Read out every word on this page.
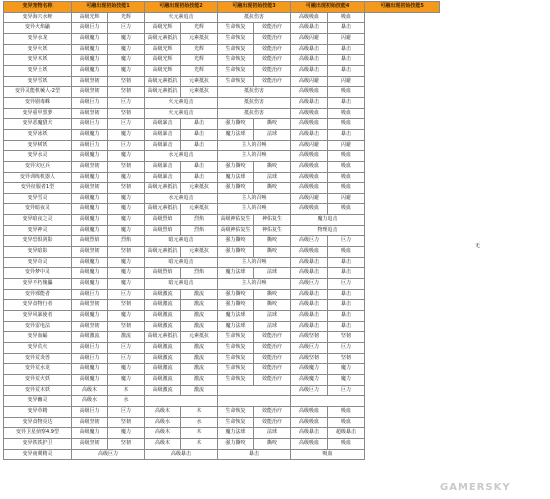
变异宠物名称	可融出现初始技能1		可融出现初始技能2		可融出现初始技能3		可融出现初始技能4		可融出现初始技能5
变异海穴水蛭	高级光辉	光辉	火元素追击		抵抗伤害		高级吸血	吸血	
变异火焰鼬	高级巨力	巨力	高级光辉	光辉	生命恢复	效能治疗	高级暴击	暴击	
变异水龙	高级魔力	魔力	高级元素抵抗	元素抵抗	生命恢复	效能治疗	高级闪避	闪避	
变异火妖	高级魔力	魔力	高级光辉	光辉	生命恢复	效能治疗	高级暴击	暴击	
变异木妖	高级魔力	魔力	高级光辉	光辉	生命恢复	效能治疗	高级暴击	暴击	
变异土妖	高级魔力	魔力	高级光辉	光辉	生命恢复	效能治疗	高级暴击	暴击	
变异雪妖	高级坚韧	坚韧	高级元素抵抗	元素抵抗	生命恢复	效能治疗	高级闪避	闪避	
变异灵能机械人-2型	高级坚韧	坚韧	高级元素抵抗	元素抵抗	抵抗伤害		高级吸血	吸血	
变异剧毒蛛	高级巨力	巨力	火元素追击		抵抗伤害		高级暴击	暴击	
变异重甲黑萝	高级坚韧	坚韧	火元素追击		抵抗伤害		高级吸血	吸血	
变异恶魔猎犬	高级巨力	巨力	高级暴击	暴击	强力撕咬	撕咬	高级吸血	吸血	
变异冰妖	高级魔力	魔力	高级暴击	暴击	魔力法球	法球	高级暴击	暴击	
变异树妖	高级巨力	巨力	高级暴击	暴击	主人的召唤		高级闪避	闪避	
变异水灵	高级魔力	魔力	水元素追击		主人的召唤		高级吸血	吸血	
变异灾厄兵	高级坚韧	坚韧	高级暴击	暴击	强力撕咬	撕咬	高级吸血	吸血	
变异训练机器人	高级魔力	魔力	高级暴击	暴击	魔力法球	法球	高级吸血	吸血	
变异征服者1型	高级坚韧	坚韧	高级元素抵抗	元素抵抗	强力撕咬	撕咬	高级吸血	吸血	
变异雪灵	高级魔力	魔力	水元素追击		主人的召唤		高级闪避	闪避	
变异暗夜灵	高级魔力	魔力	高级元素抵抗	元素抵抗	主人的召唤		高级吸血	吸血	
变异暗夜之灵	高级魔力	魔力	高级烈焰	烈焰	高级神佑复生	神佑复生	魔力追击		
变异神灵	高级魔力	魔力	高级烈焰	烈焰	高级神佑复生	神佑复生	物理追击		
变异恐惧剑影	高级烈焰	烈焰	暗元素追击		强力撕咬	撕咬	高级巨力	巨力	
变异暗影	高级坚韧	坚韧	高级元素抵抗	元素抵抗	强力撕咬	撕咬	高级吸血	吸血	
变异奇灵	高级魔力	魔力	暗元素追击		主人的召唤		高级暴击	暴击	
变异梦中灵	高级魔力	魔力	高级烈焰	烈焰	魔力法球	法球	高级暴击	暴击	
变异不朽傀儡	高级魔力	魔力	暗元素追击		主人的召唤		高级巨力	巨力	
变异邪能者	高级巨力	巨力	高级激流	激流	强力撕咬	撕咬	高级暴击	暴击	
变异食物行者	高级坚韧	坚韧	高级激流	激流	强力撕咬	撕咬	高级暴击	暴击	
变异风暴使者	高级魔力	魔力	高级激流	激流	魔力法球	法球	高级暴击	暴击	
变异雷电法	高级坚韧	坚韧	高级激流	激流	魔力法球	法球	高级暴击	暴击	
变异血蝠	高级激流	激流	高级元素抵抗	元素抵抗	生命恢复	效能治疗	高级坚韧	坚韧	
变异荒火	高级巨力	巨力	高级激流	激流	生命恢复	效能治疗	高级巨力	巨力	
变异荒炎兽	高级巨力	巨力	高级激流	激流	生命恢复	效能治疗	高级坚韧	坚韧	
变异荒水龙	高级魔力	魔力	高级激流	激流	生命恢复	效能治疗	高级魔力	魔力	
变异荒火妖	高级魔力	魔力	高级激流	激流	生命恢复	效能治疗	高级魔力	魔力	
变异荒木妖	高级木	木	高级激流	激流			高级巨力	巨力	
变异幽灵	高级水	水							
变异草精	高级巨力	巨力	高级木	木	生命恢复	效能治疗	高级吸血	吸血	
变异食物亮达	高级坚韧	坚韧	高级水	水	生命恢复	效能治疗	高级吸血	吸血	
变异卫星侦察4.9型	高级魔力	魔力	高级木	木	魔力法球	法球	高级暴击	超级暴击	
变异铁铁护卫	高级坚韧	坚韧	高级木	木	强力撕咬	撕咬	高级吸血	吸血	
变异南翼精灵	高级巨力		高级暴击		暴击		吸血		
无
GAMERSKY
